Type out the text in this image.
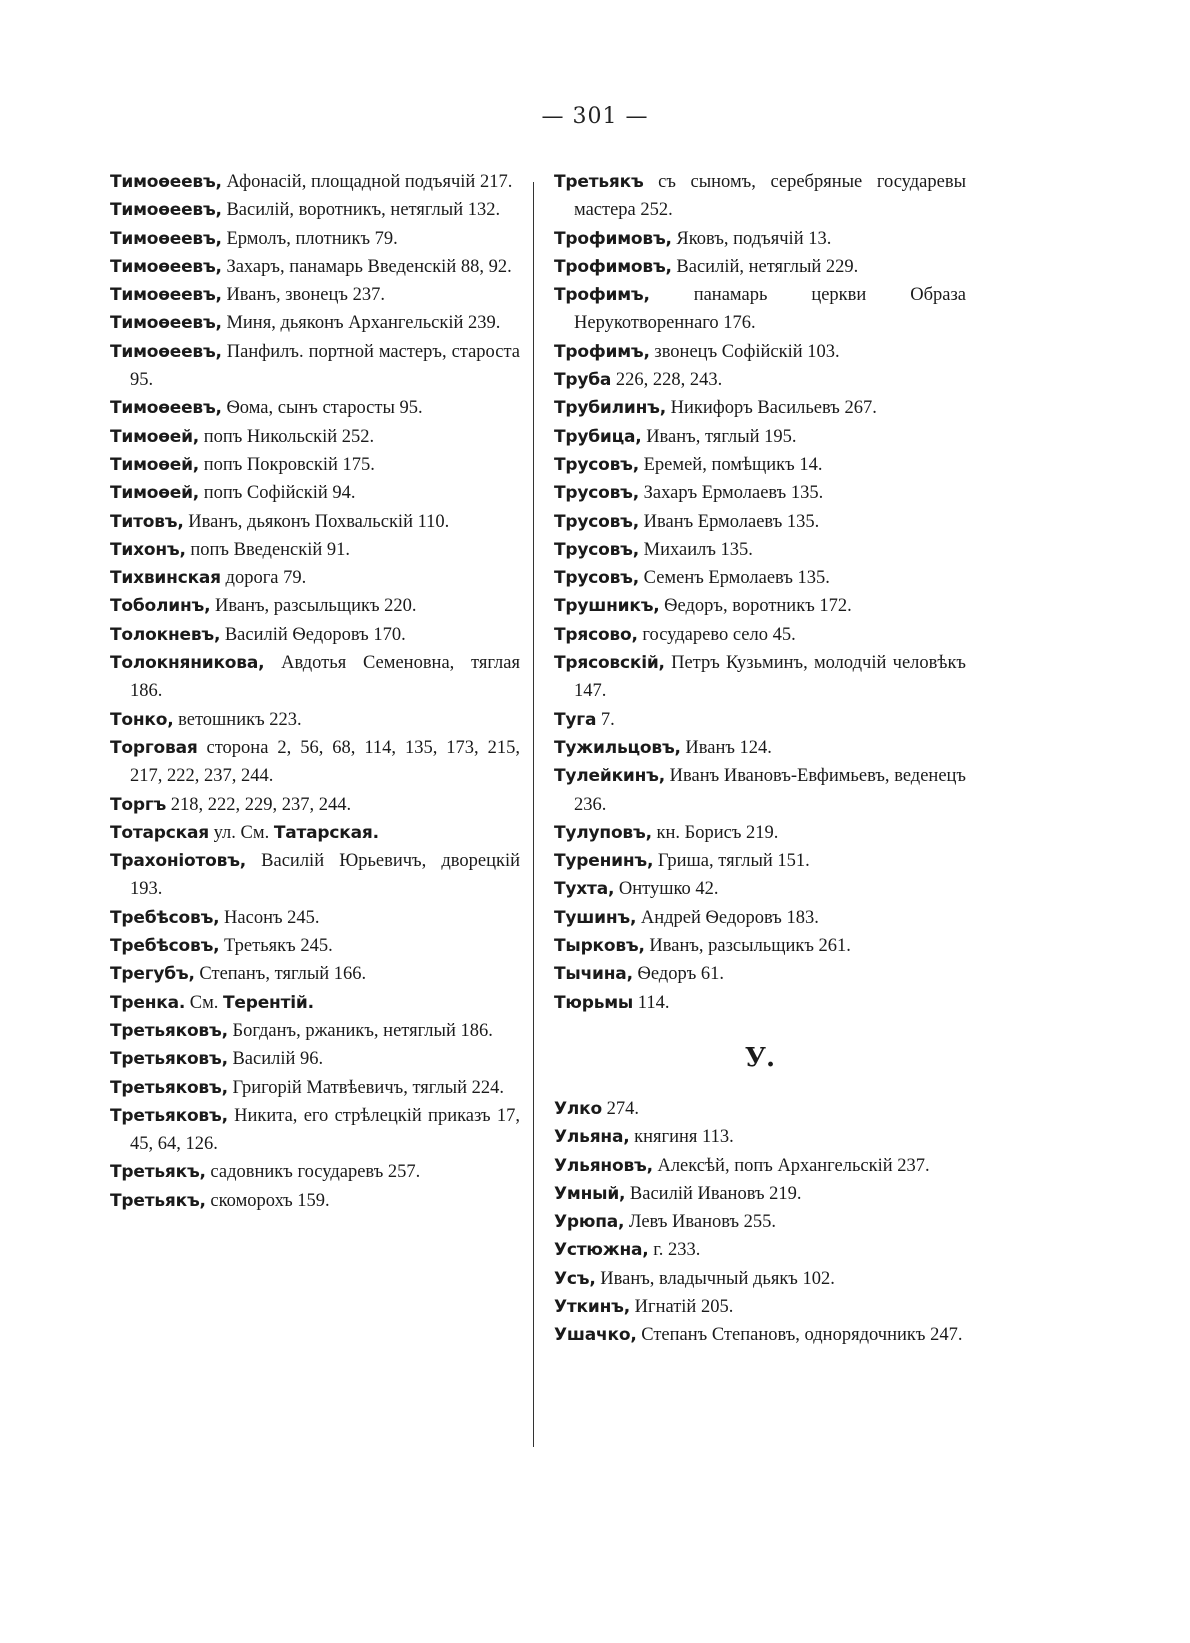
— 301 —

Тимоѳеевъ, Афонасій, площадной подъячій 217.

Тимоѳеевъ, Василій, воротникъ, нетяглый 132.

Тимоѳеевъ, Ермолъ, плотникъ 79.

Тимоѳеевъ, Захаръ, панамарь Введенскій 88, 92.

Тимоѳеевъ, Иванъ, звонецъ 237.

Тимоѳеевъ, Миня, дьяконъ Архангельскій 239.

Тимоѳеевъ, Панфилъ. портной мастеръ, староста 95.

Тимоѳеевъ, Ѳома, сынъ старосты 95.

Тимоѳей, попъ Никольскій 252.

Тимоѳей, попъ Покровскій 175.

Тимоѳей, попъ Софійскій 94.

Титовъ, Иванъ, дьяконъ Похвальскій 110.

Тихонъ, попъ Введенскій 91.

Тихвинская дорога 79.

Тоболинъ, Иванъ, разсыльщикъ 220.

Толокневъ, Василій Ѳедоровъ 170.

Толокняникова, Авдотья Семеновна, тяглая 186.

Тонко, ветошникъ 223.

Торговая сторона 2, 56, 68, 114, 135, 173, 215, 217, 222, 237, 244.

Торгъ 218, 222, 229, 237, 244.

Тотарская ул. См. Татарская.

Трахоніотовъ, Василій Юрьевичъ, дворецкій 193.

Требѣсовъ, Насонъ 245.

Требѣсовъ, Третьякъ 245.

Трегубъ, Степанъ, тяглый 166.

Тренка. См. Терентій.

Третьяковъ, Богданъ, ржаникъ, нетяглый 186.

Третьяковъ, Василій 96.

Третьяковъ, Григорій Матвѣевичъ, тяглый 224.

Третьяковъ, Никита, его стрѣлецкій приказъ 17, 45, 64, 126.

Третьякъ, садовникъ государевъ 257.

Третьякъ, скоморохъ 159.

Третьякъ съ сыномъ, серебряные государевы мастера 252.

Трофимовъ, Яковъ, подъячій 13.

Трофимовъ, Василій, нетяглый 229.

Трофимъ, панамарь церкви Образа Нерукотвореннаго 176.

Трофимъ, звонецъ Софійскій 103.

Труба 226, 228, 243.

Трубилинъ, Никифоръ Васильевъ 267.

Трубица, Иванъ, тяглый 195.

Трусовъ, Еремей, помѣщикъ 14.

Трусовъ, Захаръ Ермолаевъ 135.

Трусовъ, Иванъ Ермолаевъ 135.

Трусовъ, Михаилъ 135.

Трусовъ, Семенъ Ермолаевъ 135.

Трушникъ, Ѳедоръ, воротникъ 172.

Трясово, государево село 45.

Трясовскій, Петръ Кузьминъ, молодчій человѣкъ 147.

Туга 7.

Тужильцовъ, Иванъ 124.

Тулейкинъ, Иванъ Ивановъ-Евфимьевъ, веденецъ 236.

Тулуповъ, кн. Борисъ 219.

Туренинъ, Гриша, тяглый 151.

Тухта, Онтушко 42.

Тушинъ, Андрей Ѳедоровъ 183.

Тырковъ, Иванъ, разсыльщикъ 261.

Тычина, Ѳедоръ 61.

Тюрьмы 114.

У.

Улко 274.

Ульяна, княгиня 113.

Ульяновъ, Алексѣй, попъ Архангельскій 237.

Умный, Василій Ивановъ 219.

Урюпа, Левъ Ивановъ 255.

Устюжна, г. 233.

Усъ, Иванъ, владычный дьякъ 102.

Уткинъ, Игнатій 205.

Ушачко, Степанъ Степановъ, однорядочникъ 247.
